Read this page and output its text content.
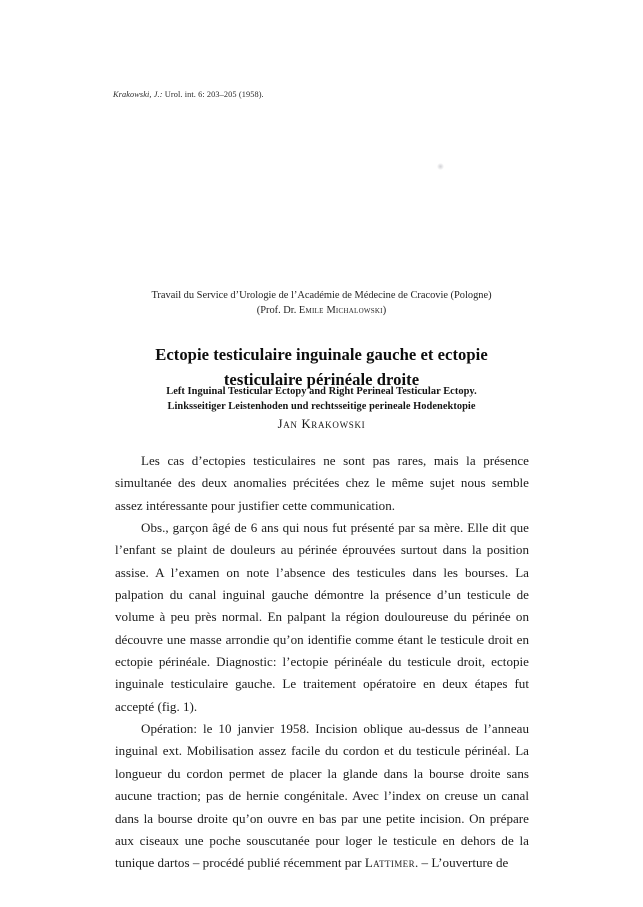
Krakowski, J.: Urol. int. 6: 203–205 (1958).
Travail du Service d’Urologie de l’Académie de Médecine de Cracovie (Pologne)
(Prof. Dr. Emile Michalowski)
Ectopie testiculaire inguinale gauche et ectopie
testiculaire périnéale droite
Left Inguinal Testicular Ectopy and Right Perineal Testicular Ectopy.
Linksseitiger Leistenhoden und rechtsseitige perineale Hodenektopie
Jan Krakowski

Les cas d’ectopies testiculaires ne sont pas rares, mais la présence simultanée des deux anomalies précitées chez le même sujet nous semble assez intéressante pour justifier cette communication.

Obs., garçon âgé de 6 ans qui nous fut présenté par sa mère. Elle dit que l’enfant se plaint de douleurs au périnée éprouvées surtout dans la position assise. A l’examen on note l’absence des testicules dans les bourses. La palpation du canal inguinal gauche démontre la présence d’un testicule de volume à peu près normal. En palpant la région douloureuse du périnée on découvre une masse arrondie qu’on identifie comme étant le testicule droit en ectopie périnéale. Diagnostic: l’ectopie périnéale du testicule droit, ectopie inguinale testiculaire gauche. Le traitement opératoire en deux étapes fut accepté (fig. 1).

Opération: le 10 janvier 1958. Incision oblique au-dessus de l’anneau inguinal ext. Mobilisation assez facile du cordon et du testicule périnéal. La longueur du cordon permet de placer la glande dans la bourse droite sans aucune traction; pas de hernie congénitale. Avec l’index on creuse un canal dans la bourse droite qu’on ouvre en bas par une petite incision. On prépare aux ciseaux une poche souscutanée pour loger le testicule en dehors de la tunique dartos – procédé publié récemment par Lattimer. – L’ouverture de
